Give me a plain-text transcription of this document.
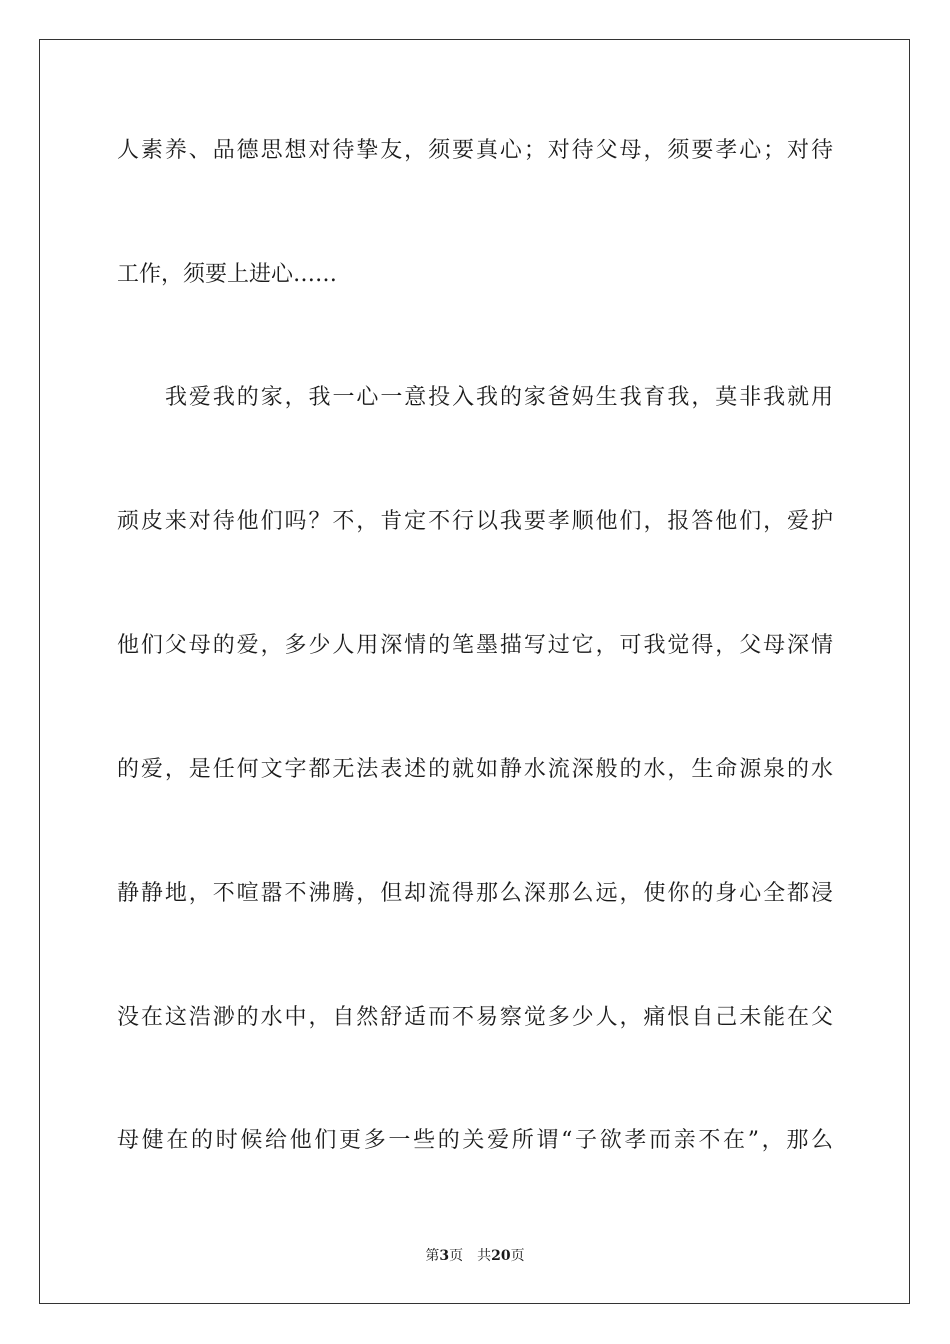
人素养、品德思想对待挚友，须要真心；对待父母，须要孝心；对待
工作，须要上进心……
我爱我的家，我一心一意投入我的家爸妈生我育我，莫非我就用
顽皮来对待他们吗？不，肯定不行以我要孝顺他们，报答他们，爱护
他们父母的爱，多少人用深情的笔墨描写过它，可我觉得，父母深情
的爱，是任何文字都无法表述的就如静水流深般的水，生命源泉的水
静静地，不喧嚣不沸腾，但却流得那么深那么远，使你的身心全都浸
没在这浩渺的水中，自然舒适而不易察觉多少人，痛恨自己未能在父
母健在的时候给他们更多一些的关爱所谓“子欲孝而亲不在”，那么
第3页 共20页
